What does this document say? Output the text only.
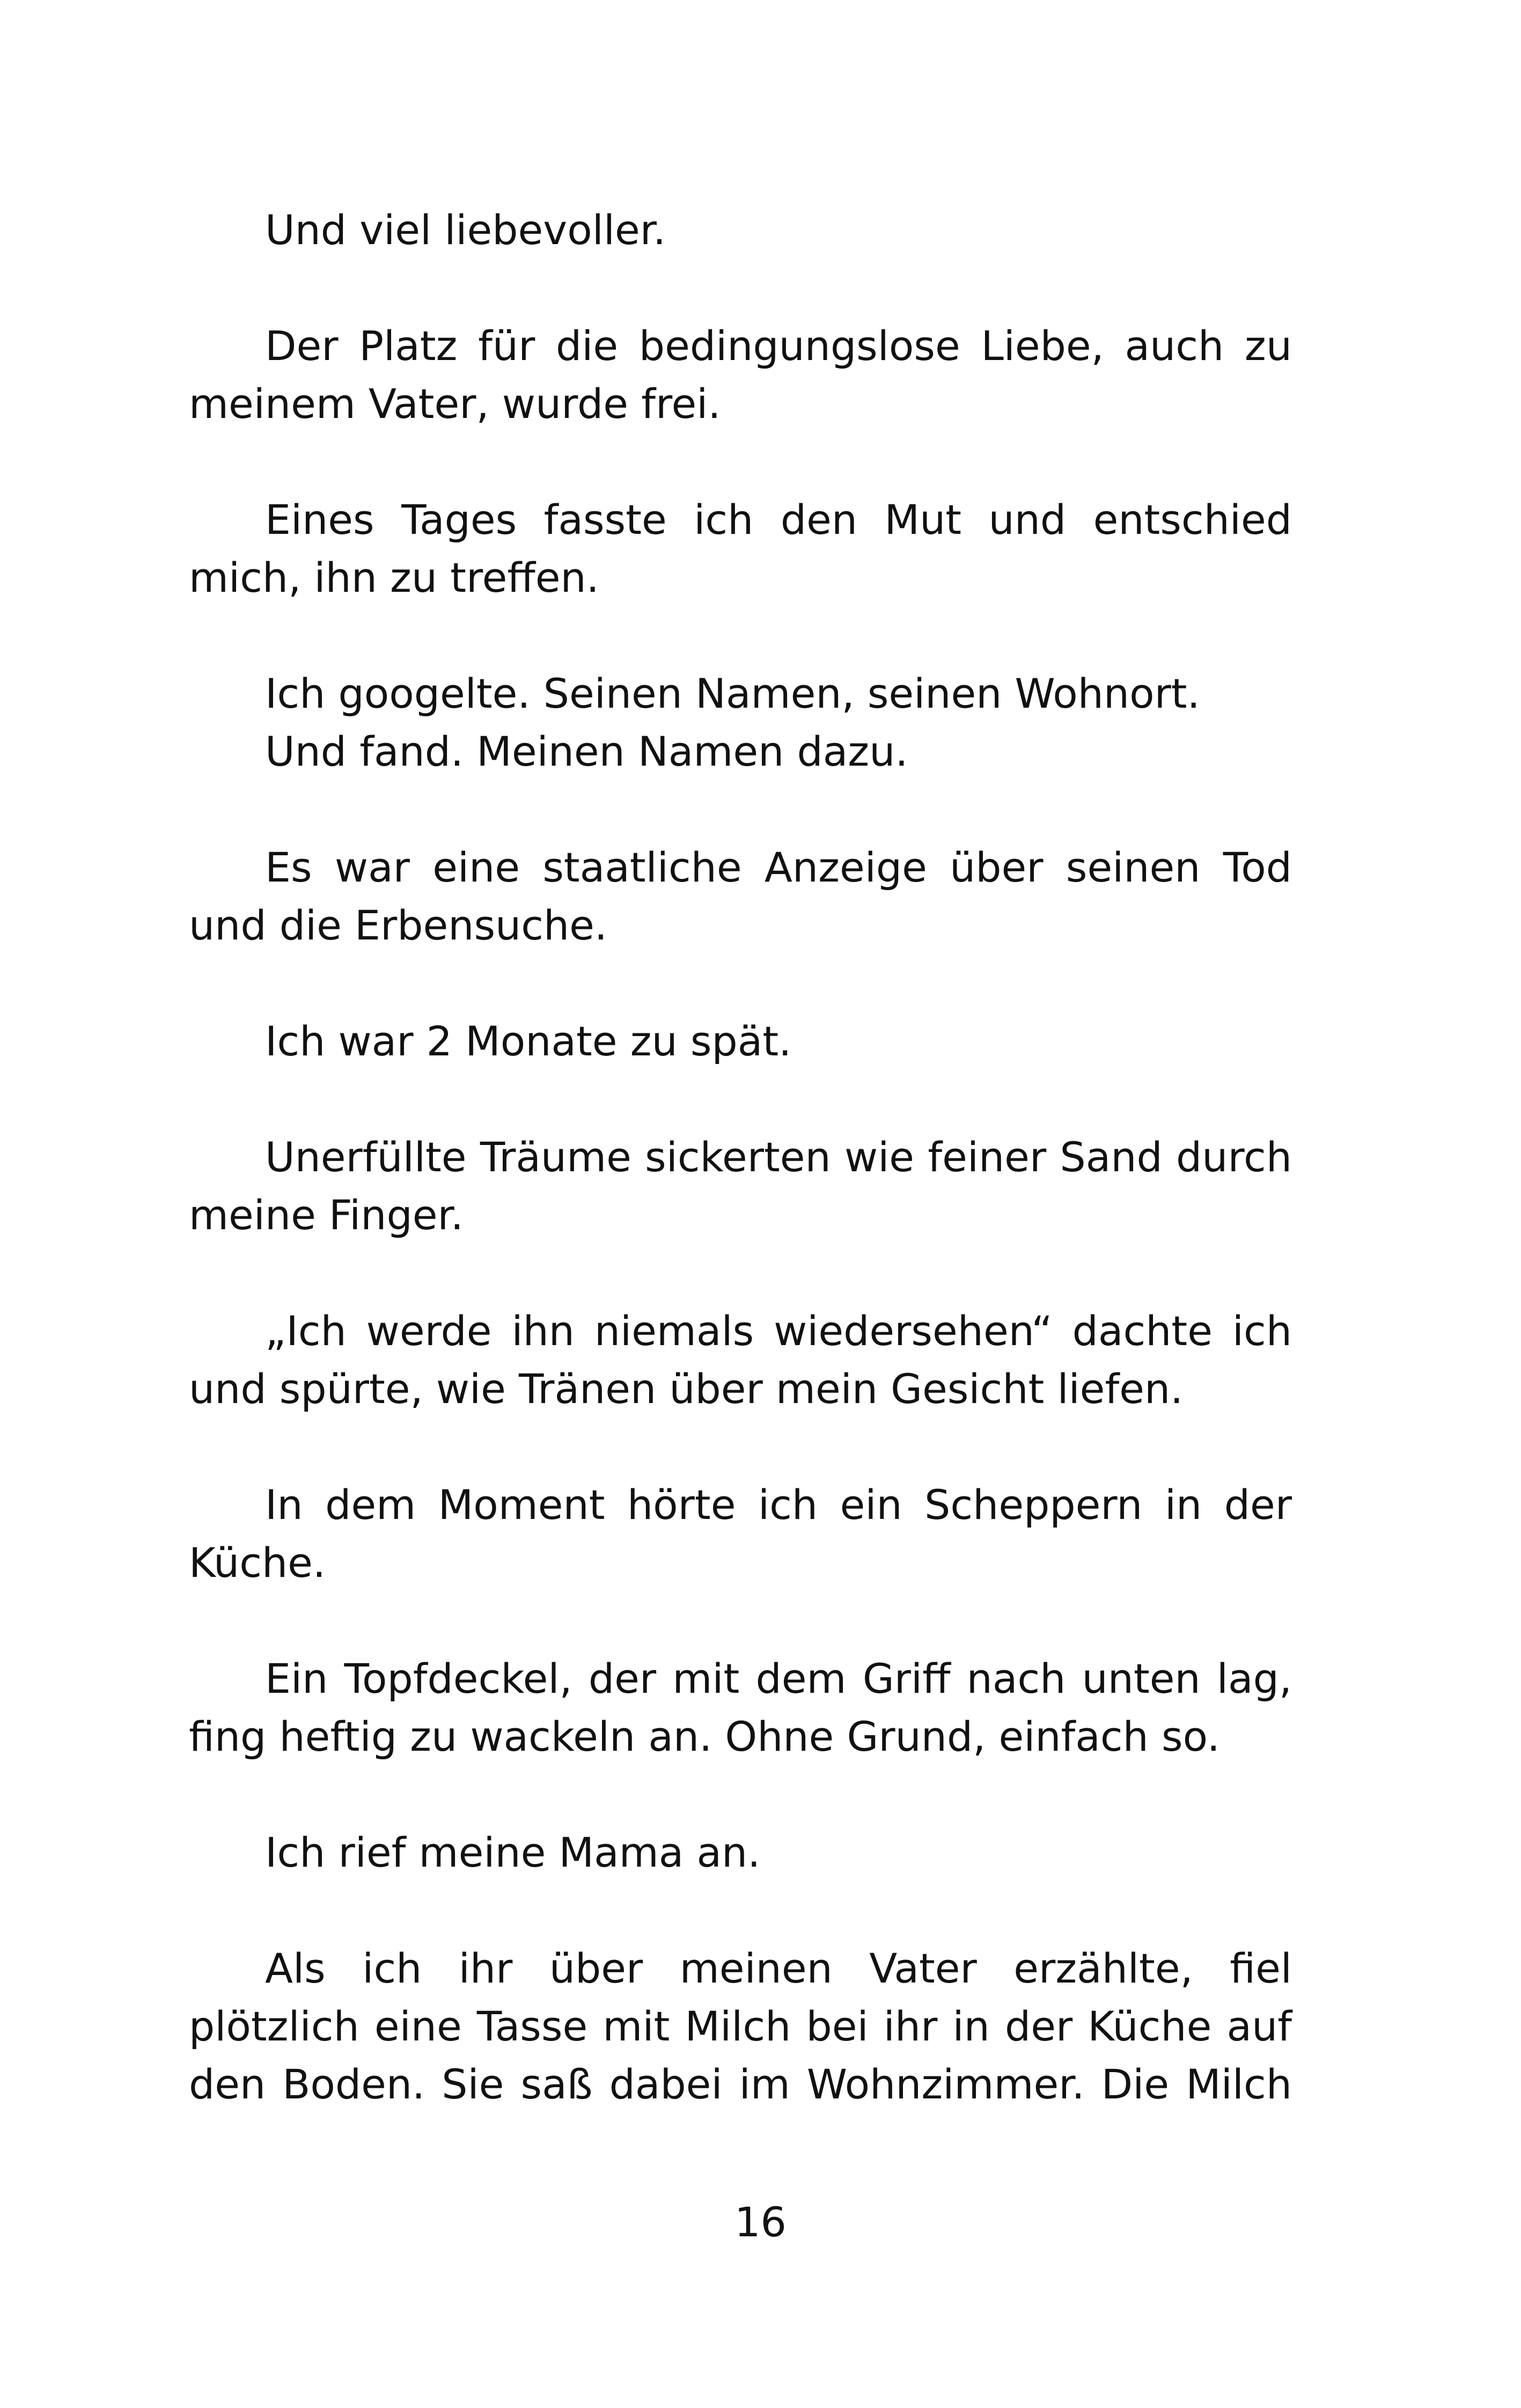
Und viel liebevoller.

Der Platz für die bedingungslose Liebe, auch zu meinem Vater, wurde frei.

Eines Tages fasste ich den Mut und entschied mich, ihn zu treffen.

Ich googelte. Seinen Namen, seinen Wohnort.
Und fand. Meinen Namen dazu.

Es war eine staatliche Anzeige über seinen Tod und die Erbensuche.

Ich war 2 Monate zu spät.

Unerfüllte Träume sickerten wie feiner Sand durch meine Finger.

„Ich werde ihn niemals wiedersehen“ dachte ich und spürte, wie Tränen über mein Gesicht liefen.

In dem Moment hörte ich ein Scheppern in der Küche.

Ein Topfdeckel, der mit dem Griff nach unten lag, fing heftig zu wackeln an. Ohne Grund, einfach so.

Ich rief meine Mama an.

Als ich ihr über meinen Vater erzählte, fiel plötzlich eine Tasse mit Milch bei ihr in der Küche auf den Boden. Sie saß dabei im Wohnzimmer. Die Milch

16
